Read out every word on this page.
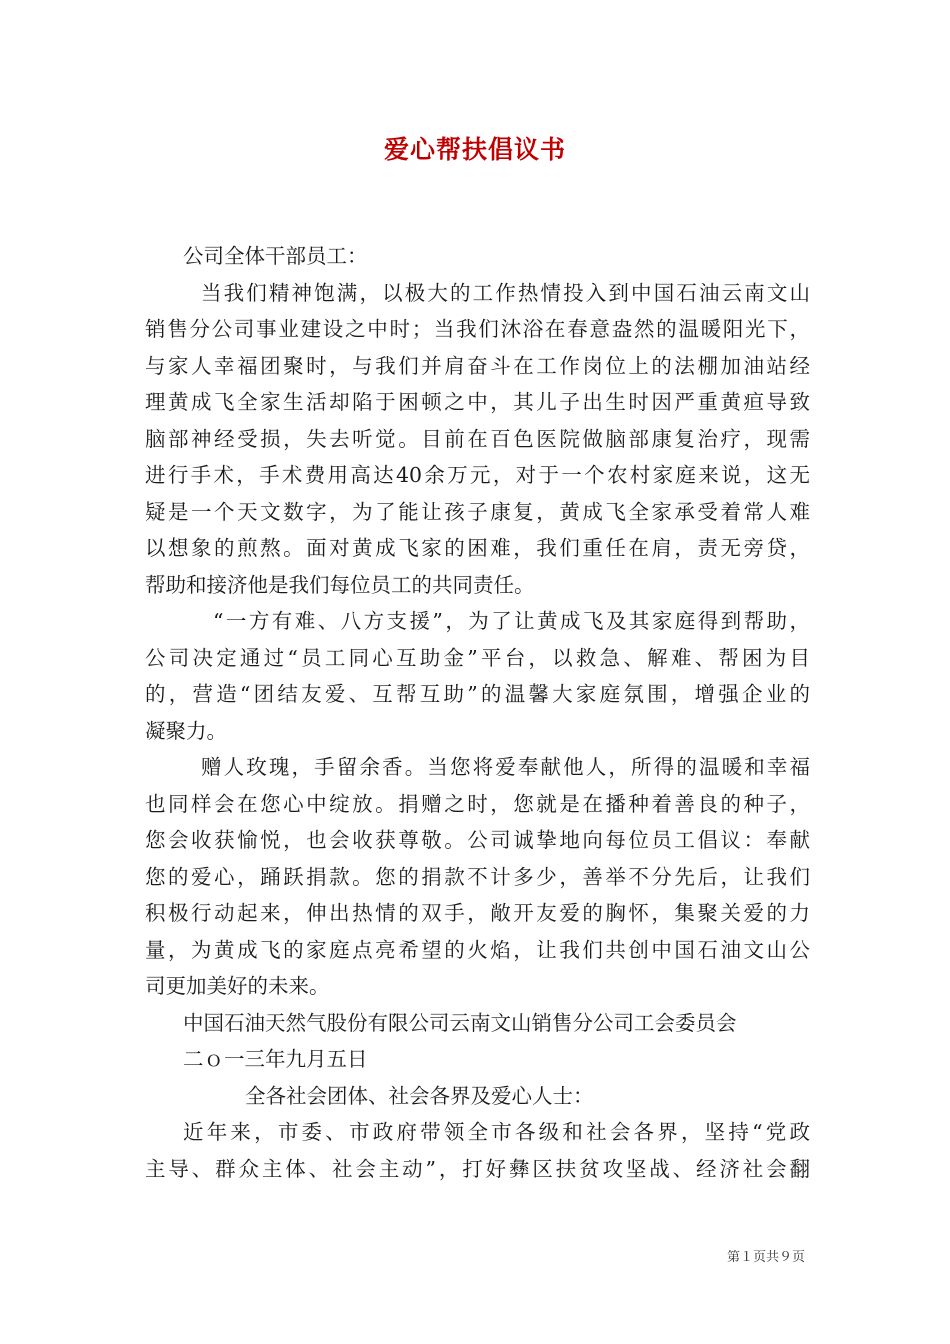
爱心帮扶倡议书
公司全体干部员工：
当我们精神饱满，以极大的工作热情投入到中国石油云南文山
销售分公司事业建设之中时；当我们沐浴在春意盎然的温暖阳光下，
与家人幸福团聚时，与我们并肩奋斗在工作岗位上的法棚加油站经
理黄成飞全家生活却陷于困顿之中，其儿子出生时因严重黄疸导致
脑部神经受损，失去听觉。目前在百色医院做脑部康复治疗，现需
进行手术，手术费用高达40余万元，对于一个农村家庭来说，这无
疑是一个天文数字，为了能让孩子康复，黄成飞全家承受着常人难
以想象的煎熬。面对黄成飞家的困难，我们重任在肩，责无旁贷，
帮助和接济他是我们每位员工的共同责任。
“一方有难、八方支援”，为了让黄成飞及其家庭得到帮助，
公司决定通过“员工同心互助金”平台，以救急、解难、帮困为目
的，营造“团结友爱、互帮互助”的温馨大家庭氛围，增强企业的
凝聚力。
赠人玫瑰，手留余香。当您将爱奉献他人，所得的温暖和幸福
也同样会在您心中绽放。捐赠之时，您就是在播种着善良的种子，
您会收获愉悦，也会收获尊敬。公司诚挚地向每位员工倡议：奉献
您的爱心，踊跃捐款。您的捐款不计多少，善举不分先后，让我们
积极行动起来，伸出热情的双手，敞开友爱的胸怀，集聚关爱的力
量，为黄成飞的家庭点亮希望的火焰，让我们共创中国石油文山公
司更加美好的未来。
中国石油天然气股份有限公司云南文山销售分公司工会委员会
二ｏ一三年九月五日
全各社会团体、社会各界及爱心人士：
近年来，市委、市政府带领全市各级和社会各界，坚持“党政
主导、群众主体、社会主动”，打好彝区扶贫攻坚战、经济社会翻
第１页共９页
